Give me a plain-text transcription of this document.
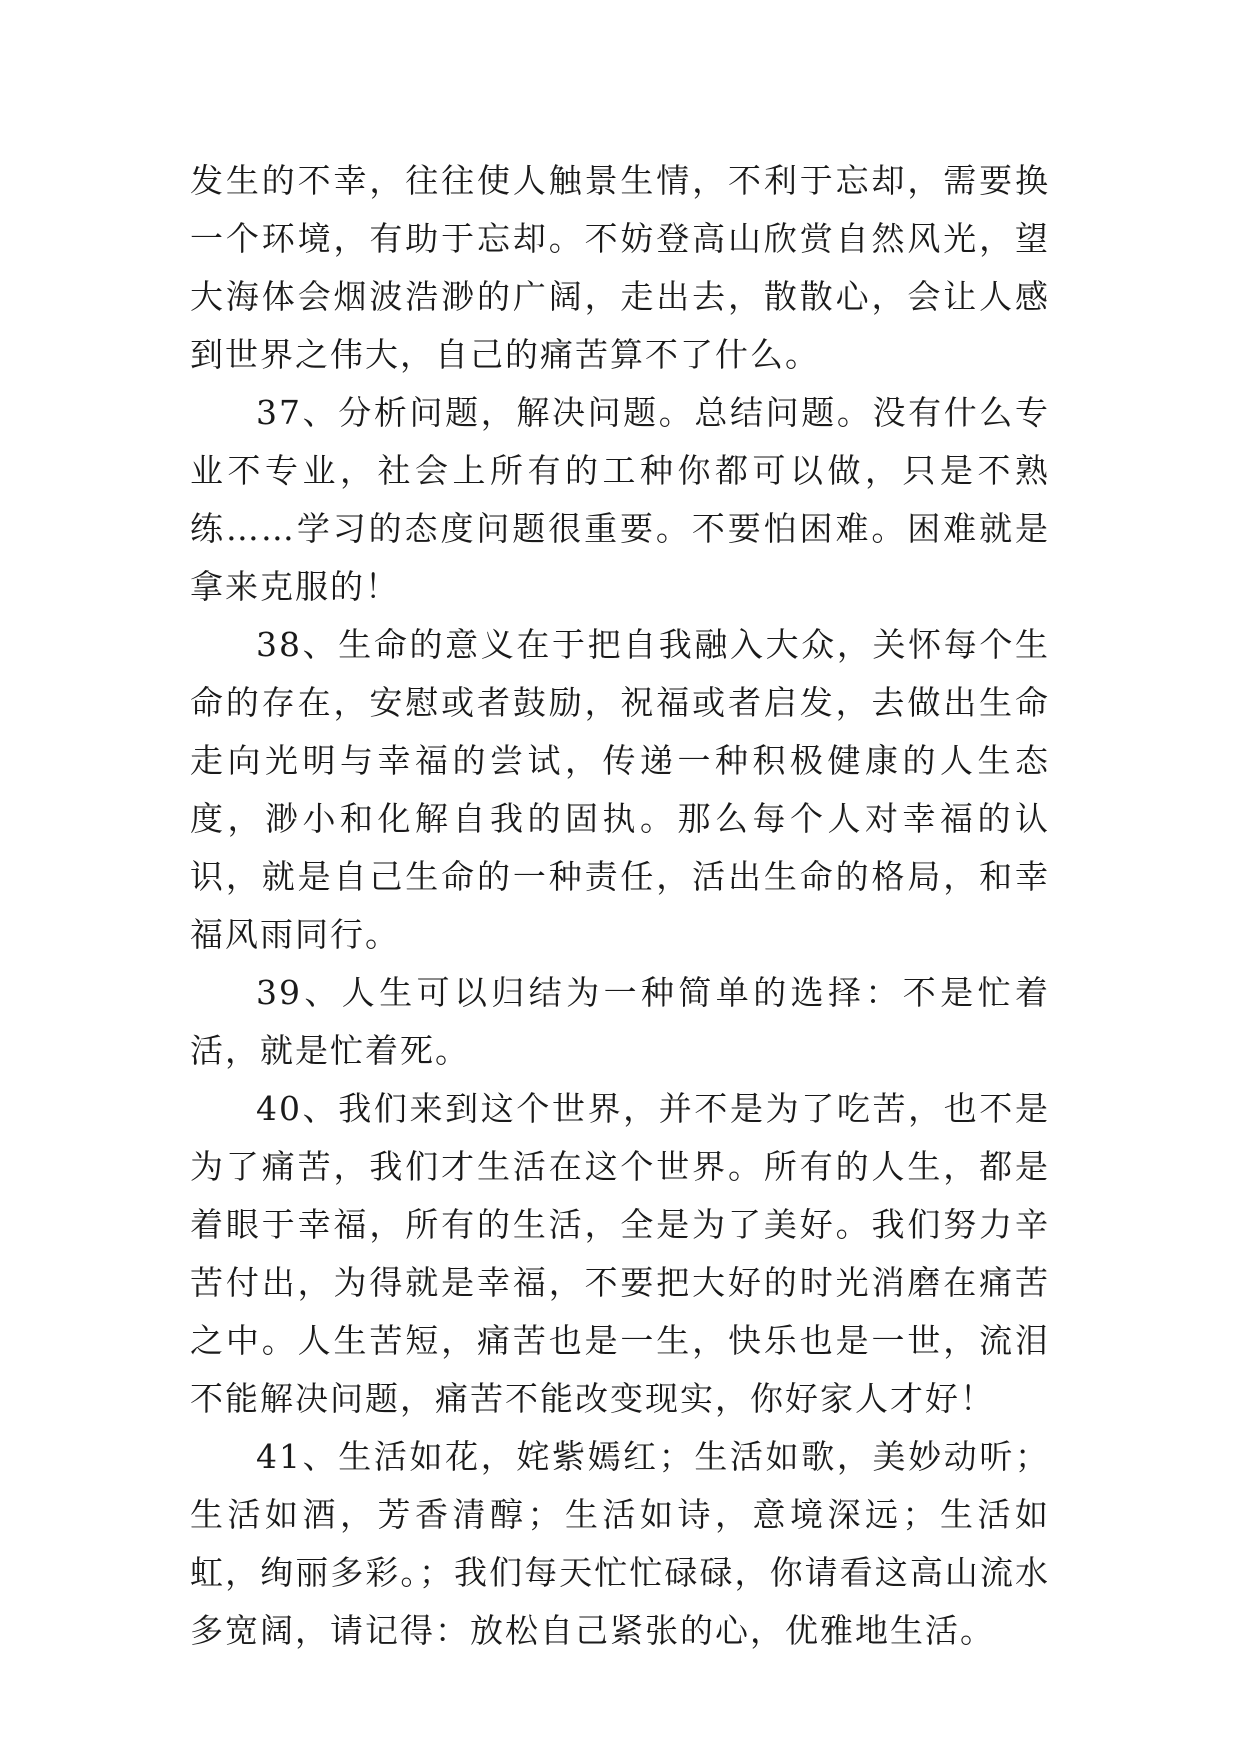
发生的不幸，往往使人触景生情，不利于忘却，需要换一个环境，有助于忘却。不妨登高山欣赏自然风光，望大海体会烟波浩渺的广阔，走出去，散散心，会让人感到世界之伟大，自己的痛苦算不了什么。

37、分析问题，解决问题。总结问题。没有什么专业不专业，社会上所有的工种你都可以做，只是不熟练……学习的态度问题很重要。不要怕困难。困难就是拿来克服的！

38、生命的意义在于把自我融入大众，关怀每个生命的存在，安慰或者鼓励，祝福或者启发，去做出生命走向光明与幸福的尝试，传递一种积极健康的人生态度，渺小和化解自我的固执。那么每个人对幸福的认识，就是自己生命的一种责任，活出生命的格局，和幸福风雨同行。

39、人生可以归结为一种简单的选择：不是忙着活，就是忙着死。

40、我们来到这个世界，并不是为了吃苦，也不是为了痛苦，我们才生活在这个世界。所有的人生，都是着眼于幸福，所有的生活，全是为了美好。我们努力辛苦付出，为得就是幸福，不要把大好的时光消磨在痛苦之中。人生苦短，痛苦也是一生，快乐也是一世，流泪不能解决问题，痛苦不能改变现实，你好家人才好！

41、生活如花，姹紫嫣红；生活如歌，美妙动听；生活如酒，芳香清醇；生活如诗，意境深远；生活如虹，绚丽多彩。；我们每天忙忙碌碌，你请看这高山流水多宽阔，请记得：放松自己紧张的心，优雅地生活。
